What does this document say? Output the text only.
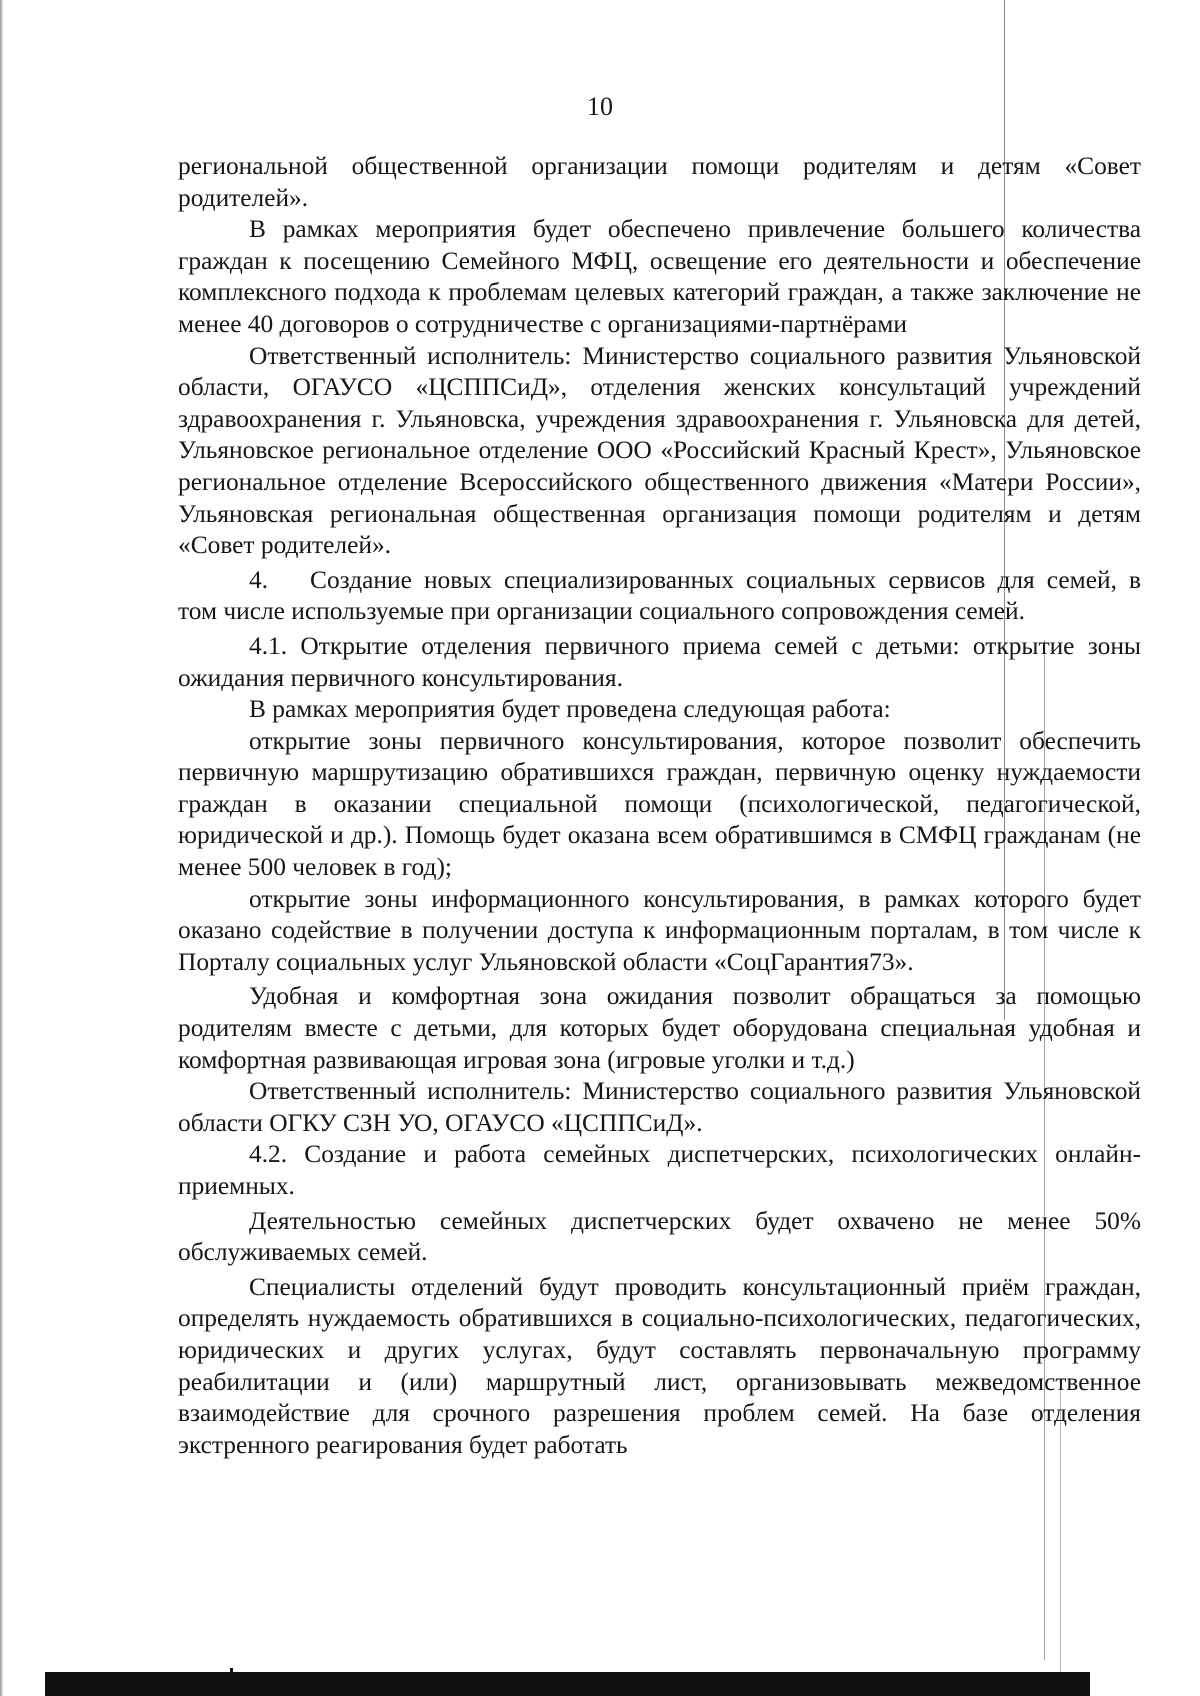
10

региональной общественной организации помощи родителям и детям «Совет родителей».

В рамках мероприятия будет обеспечено привлечение большего количества граждан к посещению Семейного МФЦ, освещение его деятельности и обеспечение комплексного подхода к проблемам целевых категорий граждан, а также заключение не менее 40 договоров о сотрудничестве с организациями-партнёрами

Ответственный исполнитель: Министерство социального развития Ульяновской области, ОГАУСО «ЦСППСиД», отделения женских консультаций учреждений здравоохранения г. Ульяновска, учреждения здравоохранения г. Ульяновска для детей, Ульяновское региональное отделение ООО «Российский Красный Крест», Ульяновское региональное отделение Всероссийского общественного движения «Матери России», Ульяновская региональная общественная организация помощи родителям и детям «Совет родителей».

4. Создание новых специализированных социальных сервисов для семей, в том числе используемые при организации социального сопровождения семей.

4.1. Открытие отделения первичного приема семей с детьми: открытие зоны ожидания первичного консультирования.

В рамках мероприятия будет проведена следующая работа:

открытие зоны первичного консультирования, которое позволит обеспечить первичную маршрутизацию обратившихся граждан, первичную оценку нуждаемости граждан в оказании специальной помощи (психологической, педагогической, юридической и др.). Помощь будет оказана всем обратившимся в СМФЦ гражданам (не менее 500 человек в год);

открытие зоны информационного консультирования, в рамках которого будет оказано содействие в получении доступа к информационным порталам, в том числе к Порталу социальных услуг Ульяновской области «СоцГарантия73».

Удобная и комфортная зона ожидания позволит обращаться за помощью родителям вместе с детьми, для которых будет оборудована специальная удобная и комфортная развивающая игровая зона (игровые уголки и т.д.)

Ответственный исполнитель: Министерство социального развития Ульяновской области ОГКУ СЗН УО, ОГАУСО «ЦСППСиД».

4.2. Создание и работа семейных диспетчерских, психологических онлайн-приемных.

Деятельностью семейных диспетчерских будет охвачено не менее 50% обслуживаемых семей.

Специалисты отделений будут проводить консультационный приём граждан, определять нуждаемость обратившихся в социально-психологических, педагогических, юридических и других услугах, будут составлять первоначальную программу реабилитации и (или) маршрутный лист, организовывать межведомственное взаимодействие для срочного разрешения проблем семей. На базе отделения экстренного реагирования будет работать
